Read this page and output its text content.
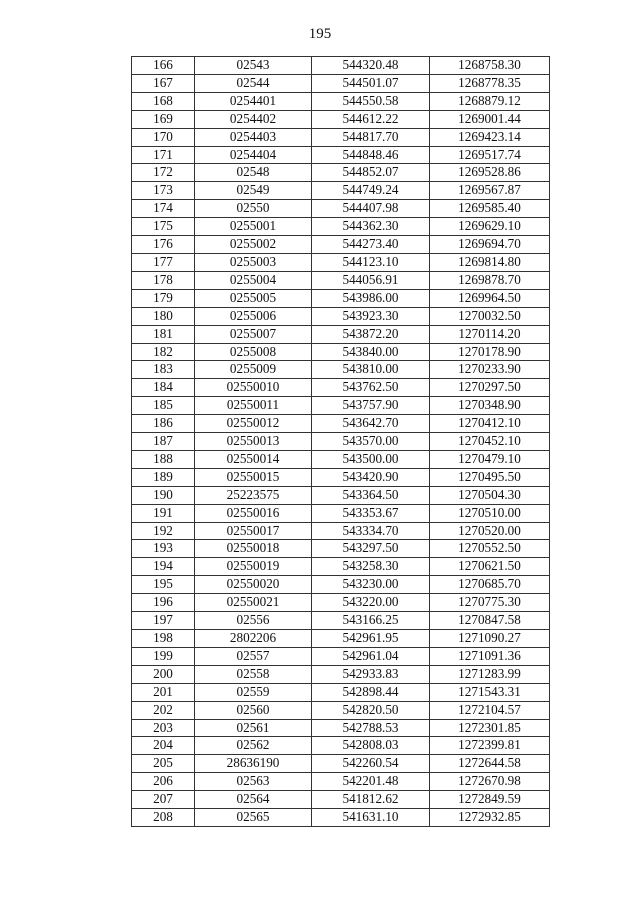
195
166	02543	544320.48	1268758.30
167	02544	544501.07	1268778.35
168	0254401	544550.58	1268879.12
169	0254402	544612.22	1269001.44
170	0254403	544817.70	1269423.14
171	0254404	544848.46	1269517.74
172	02548	544852.07	1269528.86
173	02549	544749.24	1269567.87
174	02550	544407.98	1269585.40
175	0255001	544362.30	1269629.10
176	0255002	544273.40	1269694.70
177	0255003	544123.10	1269814.80
178	0255004	544056.91	1269878.70
179	0255005	543986.00	1269964.50
180	0255006	543923.30	1270032.50
181	0255007	543872.20	1270114.20
182	0255008	543840.00	1270178.90
183	0255009	543810.00	1270233.90
184	02550010	543762.50	1270297.50
185	02550011	543757.90	1270348.90
186	02550012	543642.70	1270412.10
187	02550013	543570.00	1270452.10
188	02550014	543500.00	1270479.10
189	02550015	543420.90	1270495.50
190	25223575	543364.50	1270504.30
191	02550016	543353.67	1270510.00
192	02550017	543334.70	1270520.00
193	02550018	543297.50	1270552.50
194	02550019	543258.30	1270621.50
195	02550020	543230.00	1270685.70
196	02550021	543220.00	1270775.30
197	02556	543166.25	1270847.58
198	2802206	542961.95	1271090.27
199	02557	542961.04	1271091.36
200	02558	542933.83	1271283.99
201	02559	542898.44	1271543.31
202	02560	542820.50	1272104.57
203	02561	542788.53	1272301.85
204	02562	542808.03	1272399.81
205	28636190	542260.54	1272644.58
206	02563	542201.48	1272670.98
207	02564	541812.62	1272849.59
208	02565	541631.10	1272932.85
